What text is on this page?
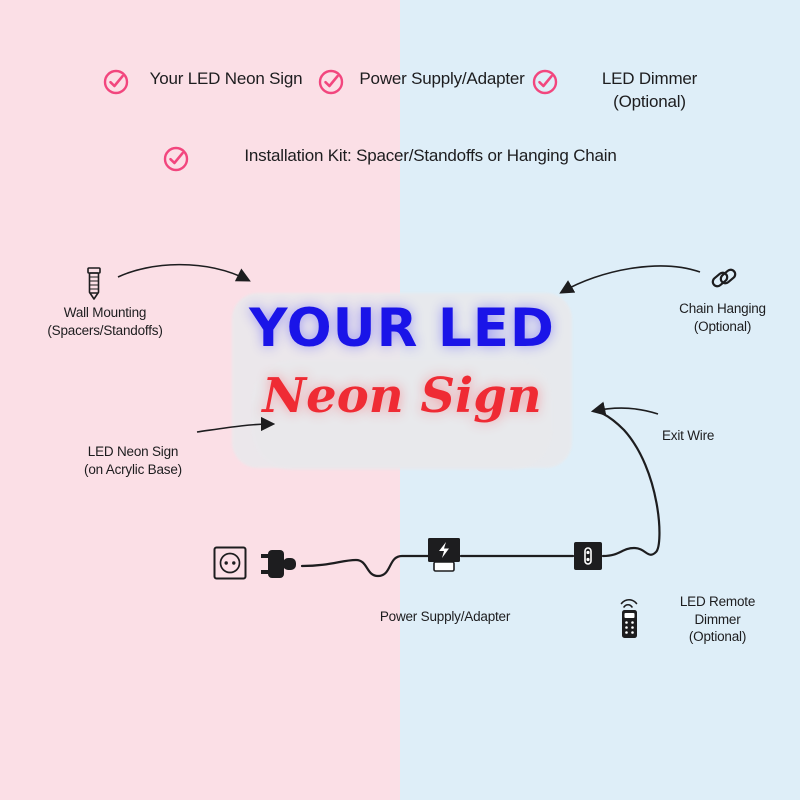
Your LED Neon Sign	Power Supply/Adapter	LED Dimmer (Optional)
Installation Kit: Spacer/Standoffs or Hanging Chain
YOUR LED
Neon Sign
Wall Mounting
(Spacers/Standoffs)
Chain Hanging
(Optional)
LED Neon Sign
(on Acrylic Base)
Exit Wire
Power Supply/Adapter
LED Remote
Dimmer
(Optional)
